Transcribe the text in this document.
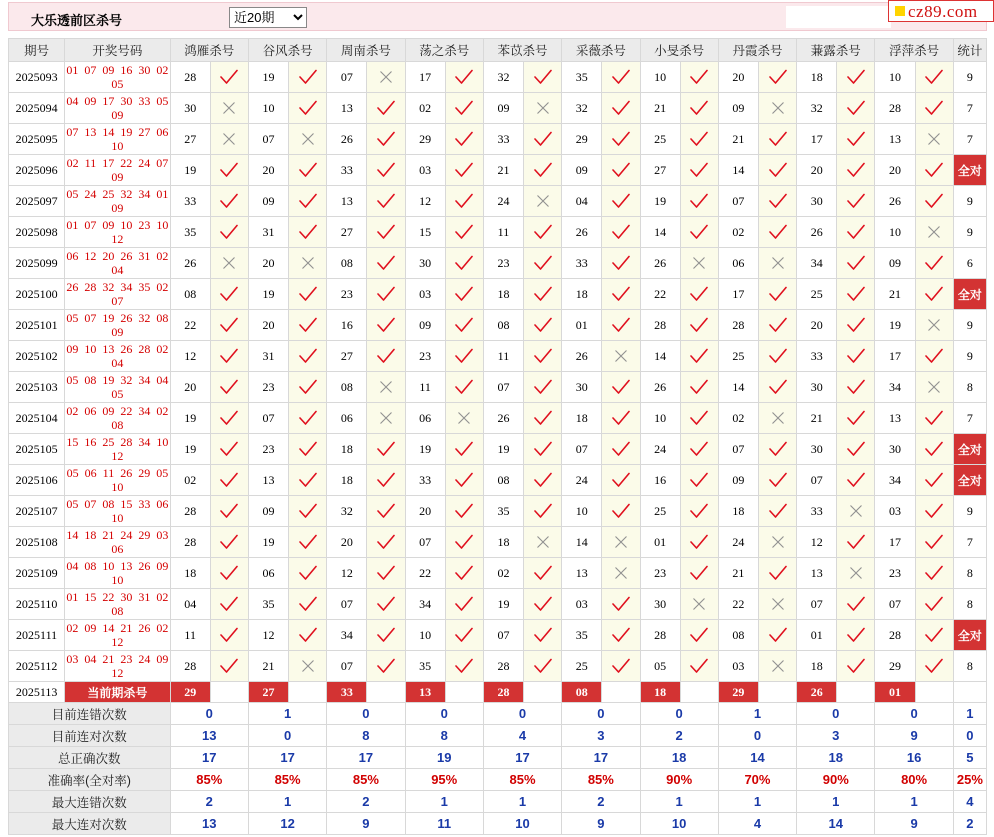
大乐透前区杀号
近20期	cz89.com
期号	开奖号码	鸿雁杀号		谷风杀号		周南杀号		荡之杀号		苯苡杀号		采薇杀号		小旻杀号		丹霞杀号		蒹露杀号		浮萍杀号		统计
2025093	01 07 09 16 30 02 05	28		19		07		17		32		35		10		20		18		10		9
2025094	04 09 17 30 33 05 09	30		10		13		02		09		32		21		09		32		28		7
2025095	07 13 14 19 27 06 10	27		07		26		29		33		29		25		21		17		13		7
2025096	02 11 17 22 24 07 09	19		20		33		03		21		09		27		14		20		20		全对
2025097	05 24 25 32 34 01 09	33		09		13		12		24		04		19		07		30		26		9
2025098	01 07 09 10 23 10 12	35		31		27		15		11		26		14		02		26		10		9
2025099	06 12 20 26 31 02 04	26		20		08		30		23		33		26		06		34		09		6
2025100	26 28 32 34 35 02 07	08		19		23		03		18		18		22		17		25		21		全对
2025101	05 07 19 26 32 08 09	22		20		16		09		08		01		28		28		20		19		9
2025102	09 10 13 26 28 02 04	12		31		27		23		11		26		14		25		33		17		9
2025103	05 08 19 32 34 04 05	20		23		08		11		07		30		26		14		30		34		8
2025104	02 06 09 22 34 02 08	19		07		06		06		26		18		10		02		21		13		7
2025105	15 16 25 28 34 10 12	19		23		18		19		19		07		24		07		30		30		全对
2025106	05 06 11 26 29 05 10	02		13		18		33		08		24		16		09		07		34		全对
2025107	05 07 08 15 33 06 10	28		09		32		20		35		10		25		18		33		03		9
2025108	14 18 21 24 29 03 06	28		19		20		07		18		14		01		24		12		17		7
2025109	04 08 10 13 26 09 10	18		06		12		22		02		13		23		21		13		23		8
2025110	01 15 22 30 31 02 08	04		35		07		34		19		03		30		22		07		07		8
2025111	02 09 14 21 26 02 12	11		12		34		10		07		35		28		08		01		28		全对
2025112	03 04 21 23 24 09 12	28		21		07		35		28		25		05		03		18		29		8
2025113	当前期杀号	29		27		33		13		28		08		18		29		26		01		
目前连错次数		0		1		0		0		0		0		0		1		0		0		1
目前连对次数		13		0		8		8		4		3		2		0		3		9		0
总正确次数		17		17		17		19		17		17		18		14		18		16		5
准确率(全对率)		85%		85%		85%		95%		85%		85%		90%		70%		90%		80%		25%
最大连错次数		2		1		2		1		1		2		1		1		1		1		4
最大连对次数		13		12		9		11		10		9		10		4		14		9		2
